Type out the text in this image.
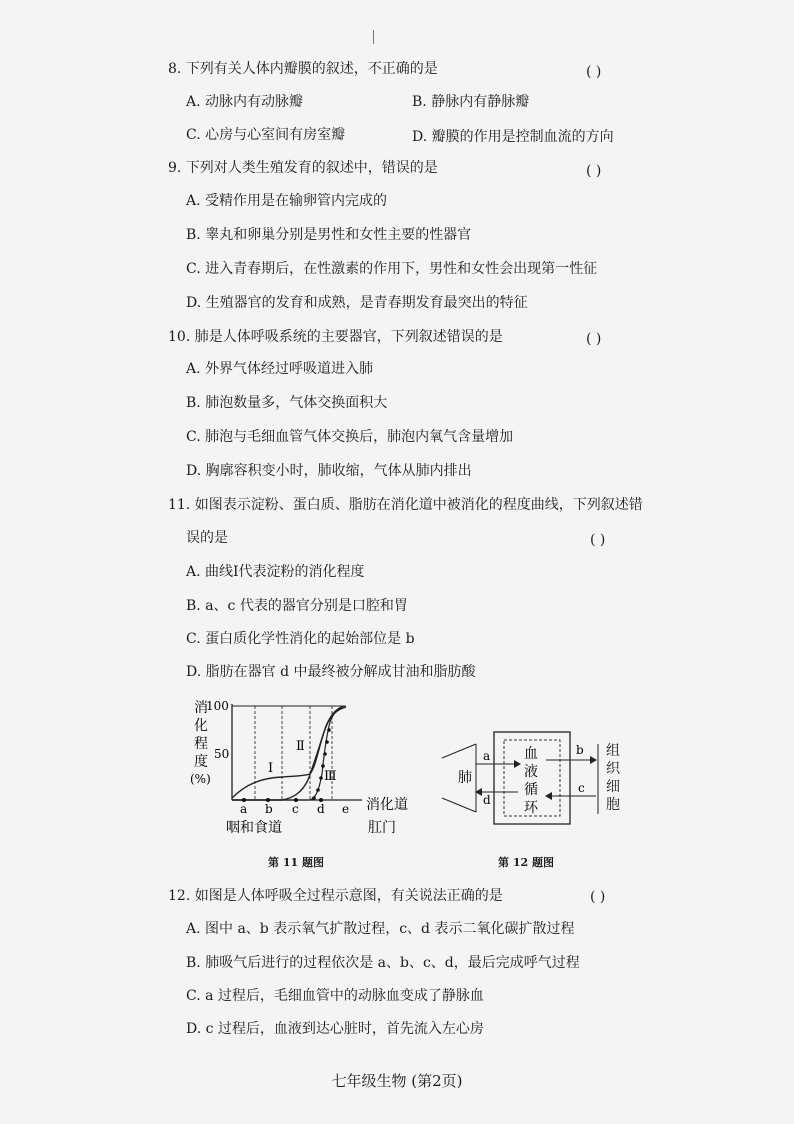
8. 下列有关人体内瓣膜的叙述，不正确的是	( )
A. 动脉内有动脉瓣	B. 静脉内有静脉瓣
C. 心房与心室间有房室瓣	D. 瓣膜的作用是控制血流的方向
9. 下列对人类生殖发育的叙述中，错误的是	( )
A. 受精作用是在输卵管内完成的
B. 睾丸和卵巢分别是男性和女性主要的性器官
C. 进入青春期后，在性激素的作用下，男性和女性会出现第一性征
D. 生殖器官的发育和成熟，是青春期发育最突出的特征
10. 肺是人体呼吸系统的主要器官，下列叙述错误的是	( )
A. 外界气体经过呼吸道进入肺
B. 肺泡数量多，气体交换面积大
C. 肺泡与毛细血管气体交换后，肺泡内氧气含量增加
D. 胸廓容积变小时，肺收缩，气体从肺内排出
11. 如图表示淀粉、蛋白质、脂肪在消化道中被消化的程度曲线，下列叙述错
误的是	( )
A. 曲线Ⅰ代表淀粉的消化程度
B. a、c 代表的器官分别是口腔和胃
C. 蛋白质化学性消化的起始部位是 b
D. 脂肪在器官 d 中最终被分解成甘油和脂肪酸
消
化
程
度
(%)
100
50
Ⅰ
Ⅱ
Ⅲ
a b c d e 消化道
咽和食道	肛门
第 11 题图
血
液
循
环
肺
a
d
b
c
组
织
细
胞
第 12 题图
12. 如图是人体呼吸全过程示意图，有关说法正确的是	( )
A. 图中 a、b 表示氧气扩散过程，c、d 表示二氧化碳扩散过程
B. 肺吸气后进行的过程依次是 a、b、c、d，最后完成呼气过程
C. a 过程后，毛细血管中的动脉血变成了静脉血
D. c 过程后，血液到达心脏时，首先流入左心房
七年级生物 (第2页)
